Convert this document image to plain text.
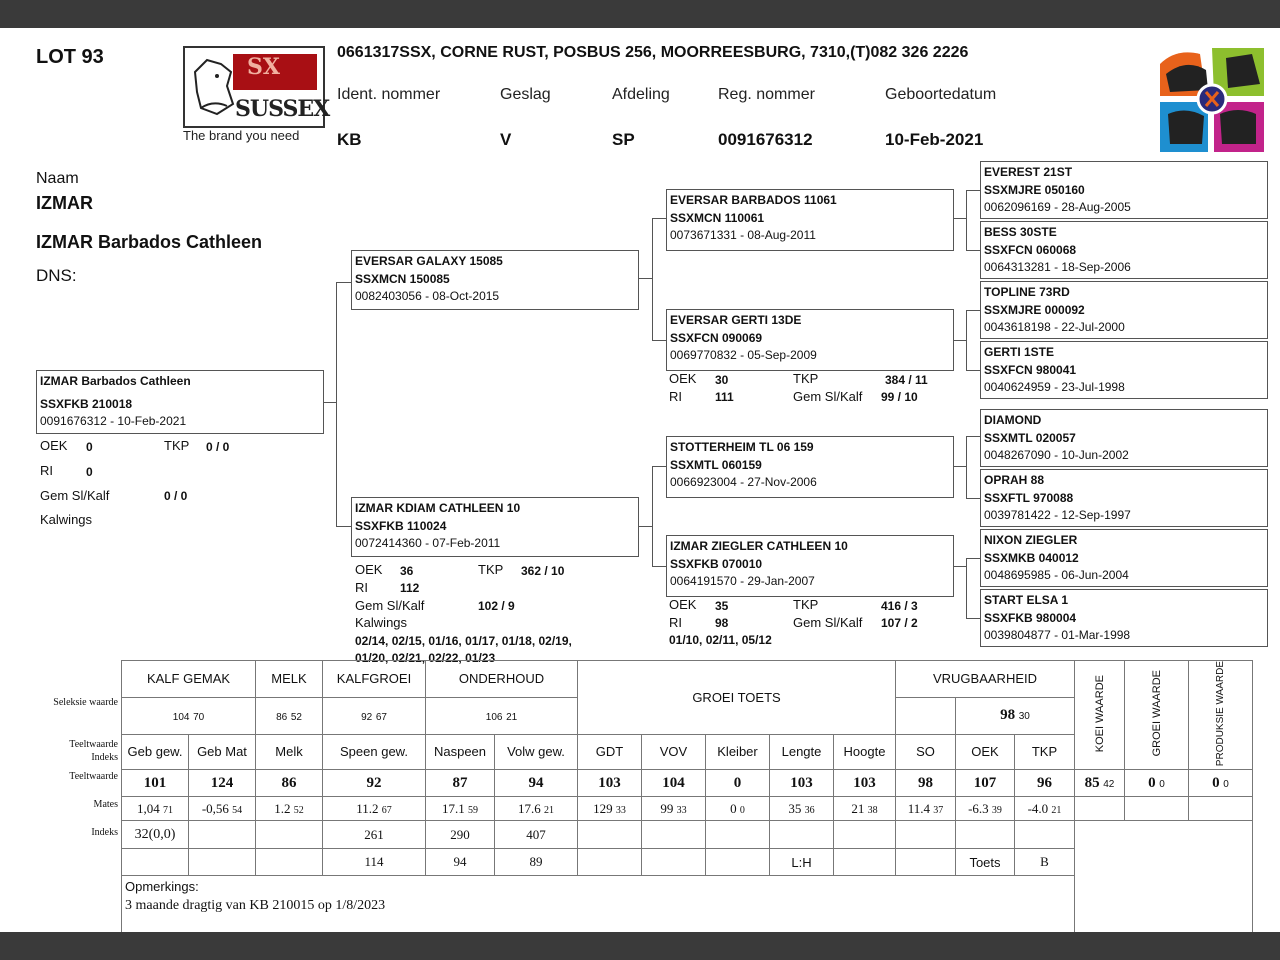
LOT 93	SX
SUSSEX
The brand you need
0661317SSX, CORNE RUST, POSBUS 256, MOORREESBURG, 7310,(T)082 326 2226
Ident. nommer	Geslag	Afdeling	Reg. nommer	Geboortedatum
KB	V	SP	0091676312	10-Feb-2021
Naam
IZMAR
IZMAR Barbados Cathleen
DNS:
IZMAR Barbados Cathleen
SSXFKB 210018
0091676312 - 10-Feb-2021
OEK 0	TKP 0 / 0
RI	0
Gem Sl/Kalf	0 / 0
Kalwings
EVERSAR GALAXY 15085
SSXMCN 150085
0082403056 - 08-Oct-2015
IZMAR KDIAM CATHLEEN 10
SSXFKB 110024
0072414360 - 07-Feb-2011
OEK 36	TKP 362 / 10
RI	112
Gem Sl/Kalf	102 / 9
Kalwings
02/14, 02/15, 01/16, 01/17, 01/18, 02/19,
01/20, 02/21, 02/22, 01/23
EVERSAR BARBADOS 11061
SSXMCN 110061
0073671331 - 08-Aug-2011
EVERSAR GERTI 13DE
SSXFCN 090069
0069770832 - 05-Sep-2009
OEK 30	TKP	384 / 11
RI	111	Gem Sl/Kalf 99 / 10
STOTTERHEIM TL 06 159
SSXMTL 060159
0066923004 - 27-Nov-2006
IZMAR ZIEGLER CATHLEEN 10
SSXFKB 070010
0064191570 - 29-Jan-2007
OEK 35	TKP	416 / 3
RI	98	Gem Sl/Kalf 107 / 2
01/10, 02/11, 05/12
EVEREST 21ST
SSXMJRE 050160
0062096169 - 28-Aug-2005
BESS 30STE
SSXFCN 060068
0064313281 - 18-Sep-2006
TOPLINE 73RD
SSXMJRE 000092
0043618198 - 22-Jul-2000
GERTI 1STE
SSXFCN 980041
0040624959 - 23-Jul-1998
DIAMOND
SSXMTL 020057
0048267090 - 10-Jun-2002
OPRAH 88
SSXFTL 970088
0039781422 - 12-Sep-1997
NIXON ZIEGLER
SSXMKB 040012
0048695985 - 06-Jun-2004
START ELSA 1
SSXFKB 980004
0039804877 - 01-Mar-1998
Seleksie waarde
Teeltwaarde
Indeks
Teeltwaarde
Mates
Indeks
KALF GEMAK		MELK	KALFGROEI	ONDERHOUD		GROEI TOETS					VRUGBAARHEID			KOEI WAARDE	GROEI WAARDE	PRODUKSIE WAARDE
104 70		86 52	92 67	106 21								98 30				
Geb gew.	Geb Mat	Melk	Speen gew.	Naspeen	Volw gew.	GDT	VOV	Kleiber	Lengte	Hoogte	SO	OEK	TKP			
101	124	86	92	87	94	103	104	0	103	103	98	107	96	85 42	0 0	0 0
1,04 71	-0,56 54	1.2 52	11.2 67	17.1 59	17.6 21	129 33	99 33	0 0	35 36	21 38	11.4 37	-6.3 39	-4.0 21			
32(0,0)			261	290	407											
			114	94	89				L:H			Toets	B			

Opmerkings:
3 maande dragtig van KB 210015 op 1/8/2023																
